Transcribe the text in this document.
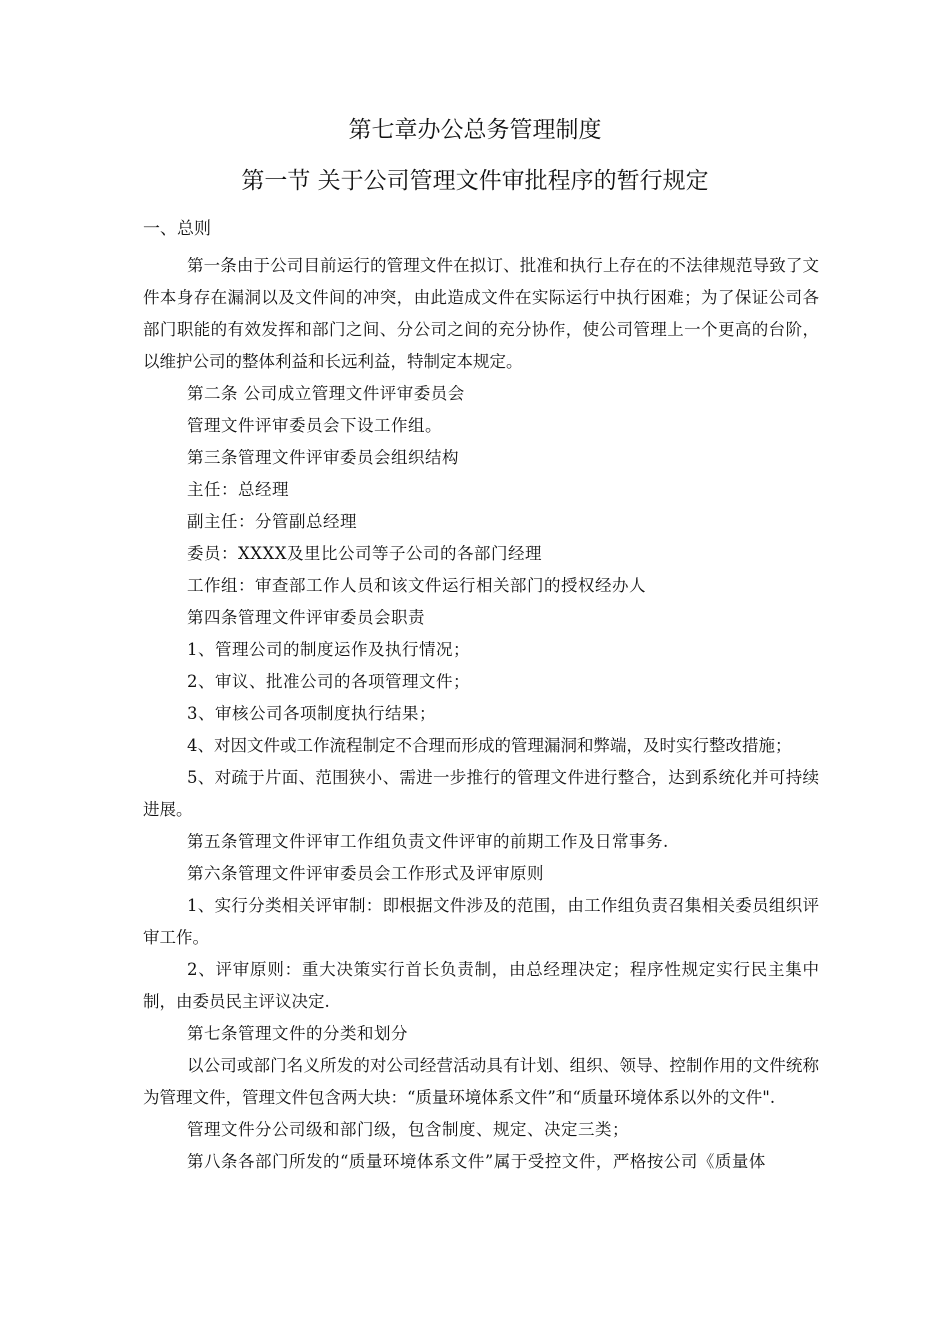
第七章办公总务管理制度
第一节 关于公司管理文件审批程序的暂行规定
一、总则

第一条由于公司目前运行的管理文件在拟订、批准和执行上存在的不法律规范导致了文件本身存在漏洞以及文件间的冲突，由此造成文件在实际运行中执行困难；为了保证公司各部门职能的有效发挥和部门之间、分公司之间的充分协作，使公司管理上一个更高的台阶，以维护公司的整体利益和长远利益，特制定本规定。

第二条 公司成立管理文件评审委员会

管理文件评审委员会下设工作组。

第三条管理文件评审委员会组织结构

主任：总经理

副主任：分管副总经理

委员：XXXX及里比公司等子公司的各部门经理

工作组：审查部工作人员和该文件运行相关部门的授权经办人

第四条管理文件评审委员会职责

1、管理公司的制度运作及执行情况；

2、审议、批准公司的各项管理文件；

3、审核公司各项制度执行结果；

4、对因文件或工作流程制定不合理而形成的管理漏洞和弊端，及时实行整改措施；

5、对疏于片面、范围狭小、需进一步推行的管理文件进行整合，达到系统化并可持续进展。

第五条管理文件评审工作组负责文件评审的前期工作及日常事务.

第六条管理文件评审委员会工作形式及评审原则

1、实行分类相关评审制：即根据文件涉及的范围，由工作组负责召集相关委员组织评审工作。

2、评审原则：重大决策实行首长负责制，由总经理决定；程序性规定实行民主集中制，由委员民主评议决定.

第七条管理文件的分类和划分

以公司或部门名义所发的对公司经营活动具有计划、组织、领导、控制作用的文件统称为管理文件，管理文件包含两大块：“质量环境体系文件”和“质量环境体系以外的文件".

管理文件分公司级和部门级，包含制度、规定、决定三类；

第八条各部门所发的“质量环境体系文件”属于受控文件，严格按公司《质量体
